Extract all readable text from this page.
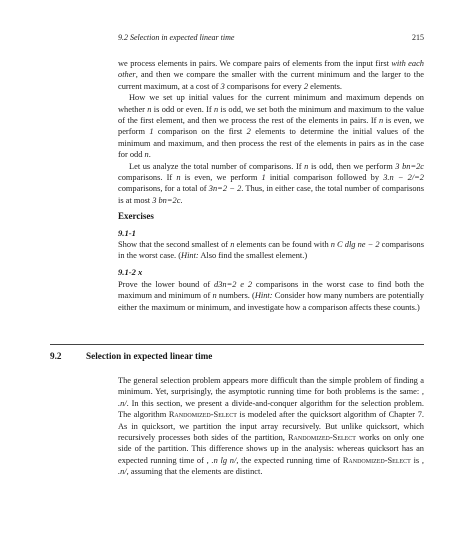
9.2 Selection in expected linear time	215

we process elements in pairs. We compare pairs of elements from the input first with each other, and then we compare the smaller with the current minimum and the larger to the current maximum, at a cost of 3 comparisons for every 2 elements.

How we set up initial values for the current minimum and maximum depends on whether n is odd or even. If n is odd, we set both the minimum and maximum to the value of the first element, and then we process the rest of the elements in pairs. If n is even, we perform 1 comparison on the first 2 elements to determine the initial values of the minimum and maximum, and then process the rest of the elements in pairs as in the case for odd n.

Let us analyze the total number of comparisons. If n is odd, then we perform 3 bn=2c comparisons. If n is even, we perform 1 initial comparison followed by 3.n − 2/=2 comparisons, for a total of 3n=2 − 2. Thus, in either case, the total number of comparisons is at most 3 bn=2c.

Exercises
9.1-1
Show that the second smallest of n elements can be found with n C dlg ne − 2 comparisons in the worst case. (Hint: Also find the smallest element.)
9.1-2 x
Prove the lower bound of d3n=2 e 2 comparisons in the worst case to find both the maximum and minimum of n numbers. (Hint: Consider how many numbers are potentially either the maximum or minimum, and investigate how a comparison affects these counts.)
9.2	Selection in expected linear time
The general selection problem appears more difficult than the simple problem of finding a minimum. Yet, surprisingly, the asymptotic running time for both problems is the same: , .n/. In this section, we present a divide-and-conquer algorithm for the selection problem. The algorithm Randomized-Select is modeled after the quicksort algorithm of Chapter 7. As in quicksort, we partition the input array recursively. But unlike quicksort, which recursively processes both sides of the partition, Randomized-Select works on only one side of the partition. This difference shows up in the analysis: whereas quicksort has an expected running time of , .n lg n/, the expected running time of Randomized-Select is , .n/, assuming that the elements are distinct.
